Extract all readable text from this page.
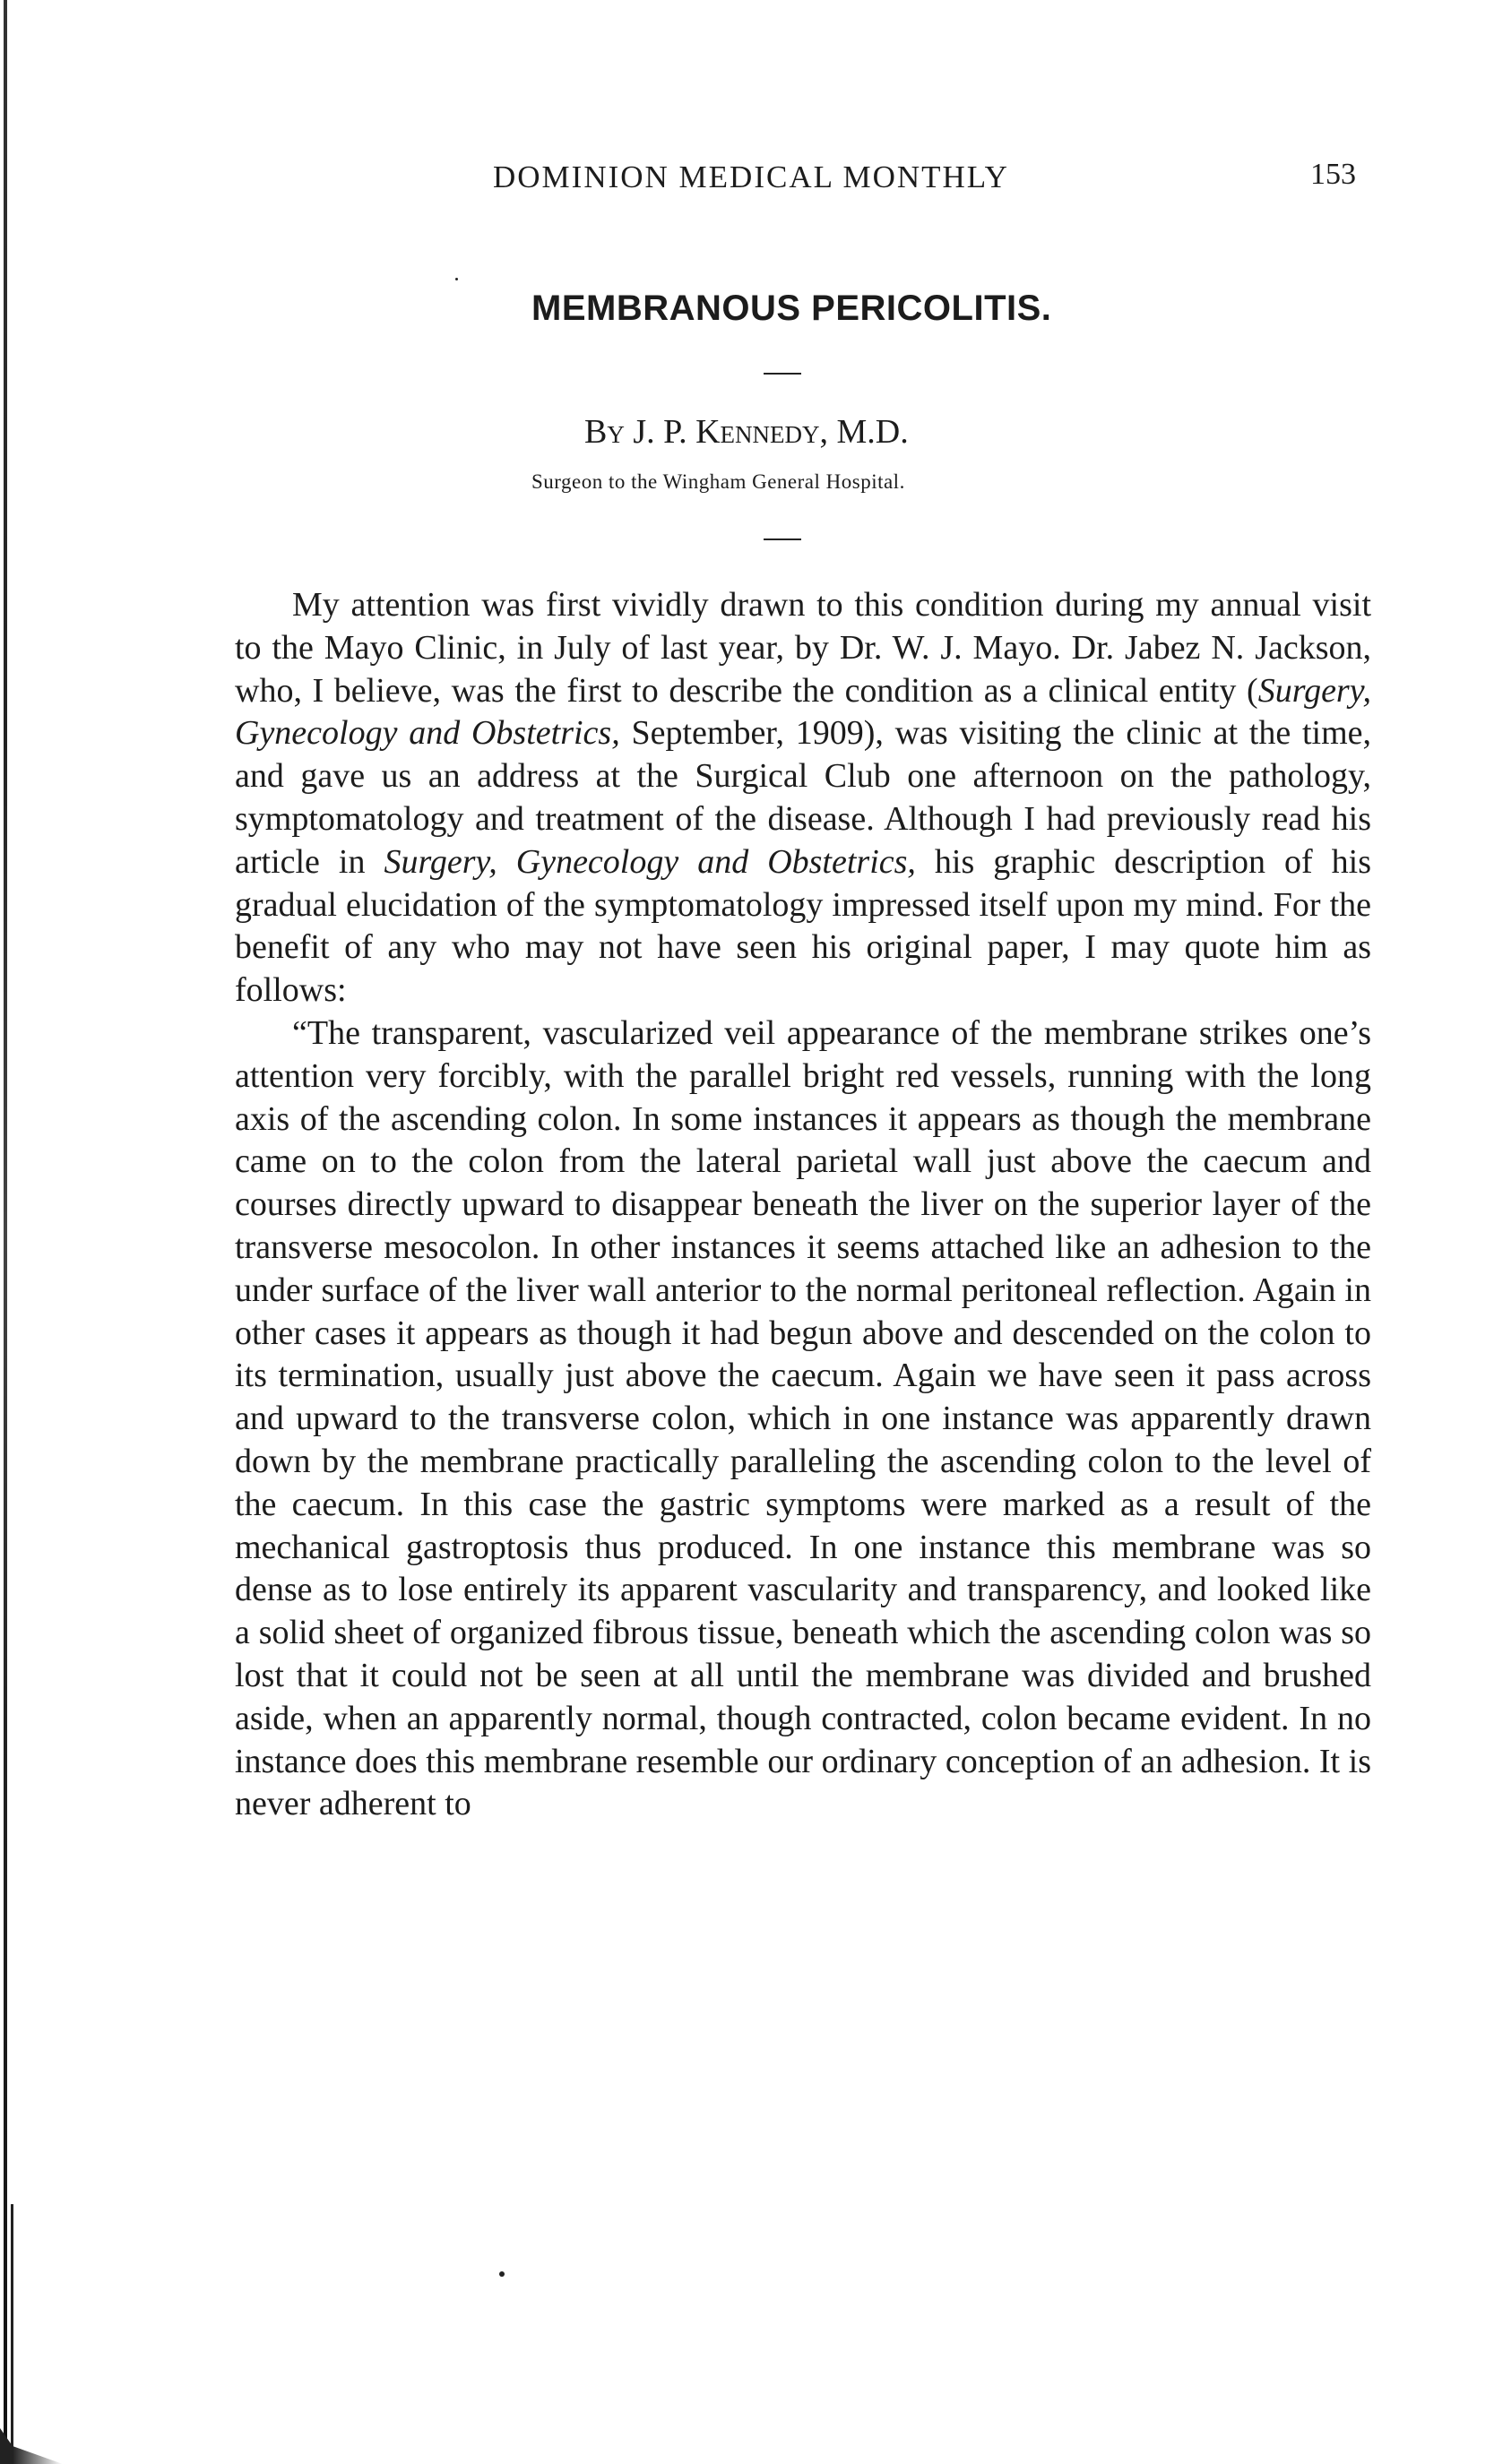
DOMINION MEDICAL MONTHLY	153
MEMBRANOUS PERICOLITIS.
By J. P. Kennedy, M.D.
Surgeon to the Wingham General Hospital.

My attention was first vividly drawn to this condition during my annual visit to the Mayo Clinic, in July of last year, by Dr. W. J. Mayo. Dr. Jabez N. Jackson, who, I believe, was the first to describe the condition as a clinical entity (Surgery, Gynecology and Obstetrics, September, 1909), was visiting the clinic at the time, and gave us an address at the Surgical Club one afternoon on the pathology, symptomatology and treatment of the disease. Although I had previously read his article in Surgery, Gynecology and Obstetrics, his graphic description of his gradual elucidation of the symptomatology impressed itself upon my mind. For the benefit of any who may not have seen his original paper, I may quote him as follows:

“The transparent, vascularized veil appearance of the membrane strikes one’s attention very forcibly, with the parallel bright red vessels, running with the long axis of the ascending colon. In some instances it appears as though the membrane came on to the colon from the lateral parietal wall just above the caecum and courses directly upward to disappear beneath the liver on the superior layer of the transverse mesocolon. In other instances it seems attached like an adhesion to the under surface of the liver wall anterior to the normal peritoneal reflection. Again in other cases it appears as though it had begun above and descended on the colon to its termination, usually just above the caecum. Again we have seen it pass across and upward to the transverse colon, which in one instance was apparently drawn down by the membrane practically paralleling the ascending colon to the level of the caecum. In this case the gastric symptoms were marked as a result of the mechanical gastroptosis thus produced. In one instance this membrane was so dense as to lose entirely its apparent vascularity and transparency, and looked like a solid sheet of organized fibrous tissue, beneath which the ascending colon was so lost that it could not be seen at all until the membrane was divided and brushed aside, when an apparently normal, though contracted, colon became evident. In no instance does this membrane resemble our ordinary conception of an adhesion. It is never adherent to
